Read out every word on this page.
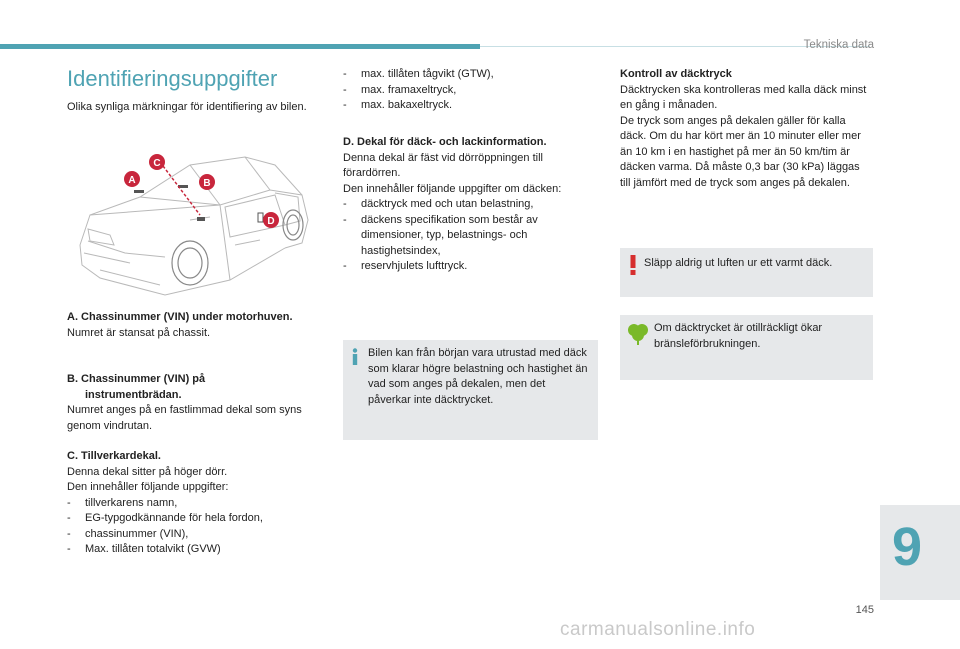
Tekniska data
Identifieringsuppgifter

Olika synliga märkningar för identifiering av bilen.

A	B
C
D
A. Chassinummer (VIN) under motorhuven.
Numret är stansat på chassit.
B. Chassinummer (VIN) på
instrumentbrädan.
Numret anges på en fastlimmad dekal som syns genom vindrutan.
C. Tillverkardekal.
Denna dekal sitter på höger dörr.
Den innehåller följande uppgifter:
- tillverkarens namn,
- EG-typgodkännande för hela fordon,
- chassinummer (VIN),
- Max. tillåten totalvikt (GVW)
- max. tillåten tågvikt (GTW),
- max. framaxeltryck,
- max. bakaxeltryck.
D. Dekal för däck- och lackinformation.
Denna dekal är fäst vid dörröppningen till förardörren.
Den innehåller följande uppgifter om däcken:
- däcktryck med och utan belastning,
- däckens specifikation som består av
dimensioner, typ, belastnings- och hastighetsindex,
- reservhjulets lufttryck.
Bilen kan från början vara utrustad med däck som klarar högre belastning och hastighet än vad som anges på dekalen, men det påverkar inte däcktrycket.
Kontroll av däcktryck
Däcktrycken ska kontrolleras med kalla däck minst en gång i månaden.
De tryck som anges på dekalen gäller för kalla däck. Om du har kört mer än 10 minuter eller mer än 10 km i en hastighet på mer än 50 km/tim är däcken varma. Då måste 0,3 bar (30 kPa) läggas till jämfört med de tryck som anges på dekalen.
Släpp aldrig ut luften ur ett varmt däck.
Om däcktrycket är otillräckligt ökar bränsleförbrukningen.
9
145
carmanualsonline.info
